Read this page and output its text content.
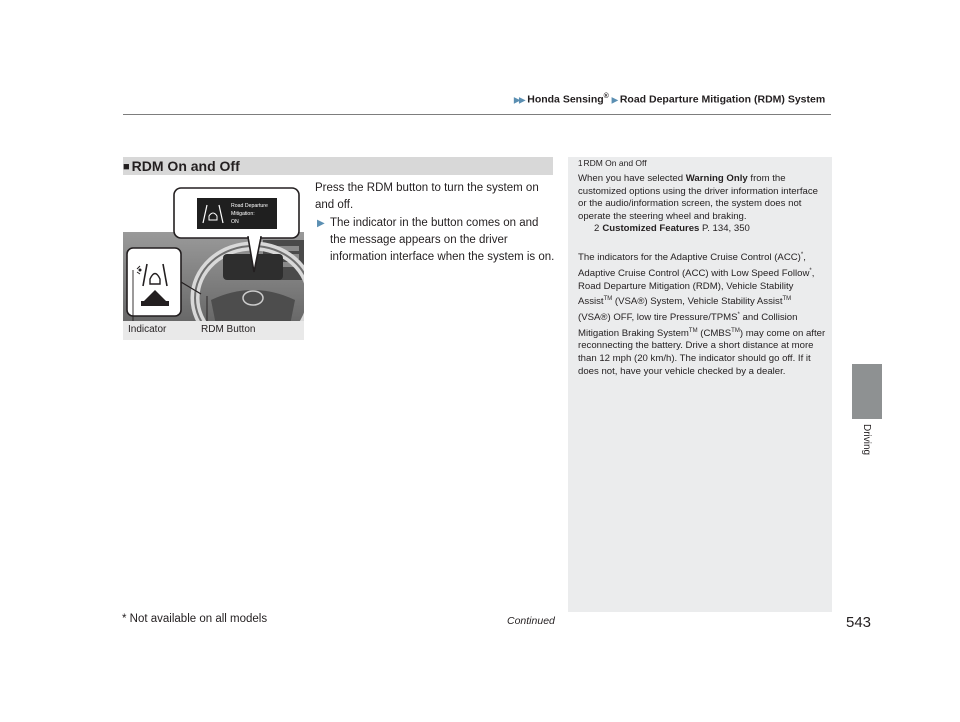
▶▶ Honda Sensing® ▶ Road Departure Mitigation (RDM) System
Driving
■ RDM On and Off
Road Departure
Mitigation:
ON
Indicator	RDM Button
Press the RDM button to turn the system on and off.
▶ The indicator in the button comes on and the message appears on the driver information interface when the system is on.
1RDM On and Off

When you have selected Warning Only from the customized options using the driver information interface or the audio/information screen, the system does not operate the steering wheel and braking.

2 Customized Features P. 134, 350

The indicators for the Adaptive Cruise Control (ACC)*, Adaptive Cruise Control (ACC) with Low Speed Follow*, Road Departure Mitigation (RDM), Vehicle Stability Assist™ (VSA®) System, Vehicle Stability Assist™ (VSA®) OFF, low tire Pressure/TPMS* and Collision Mitigation Braking System™ (CMBS™) may come on after reconnecting the battery. Drive a short distance at more than 12 mph (20 km/h). The indicator should go off. If it does not, have your vehicle checked by a dealer.

* Not available on all models	Continued	543
